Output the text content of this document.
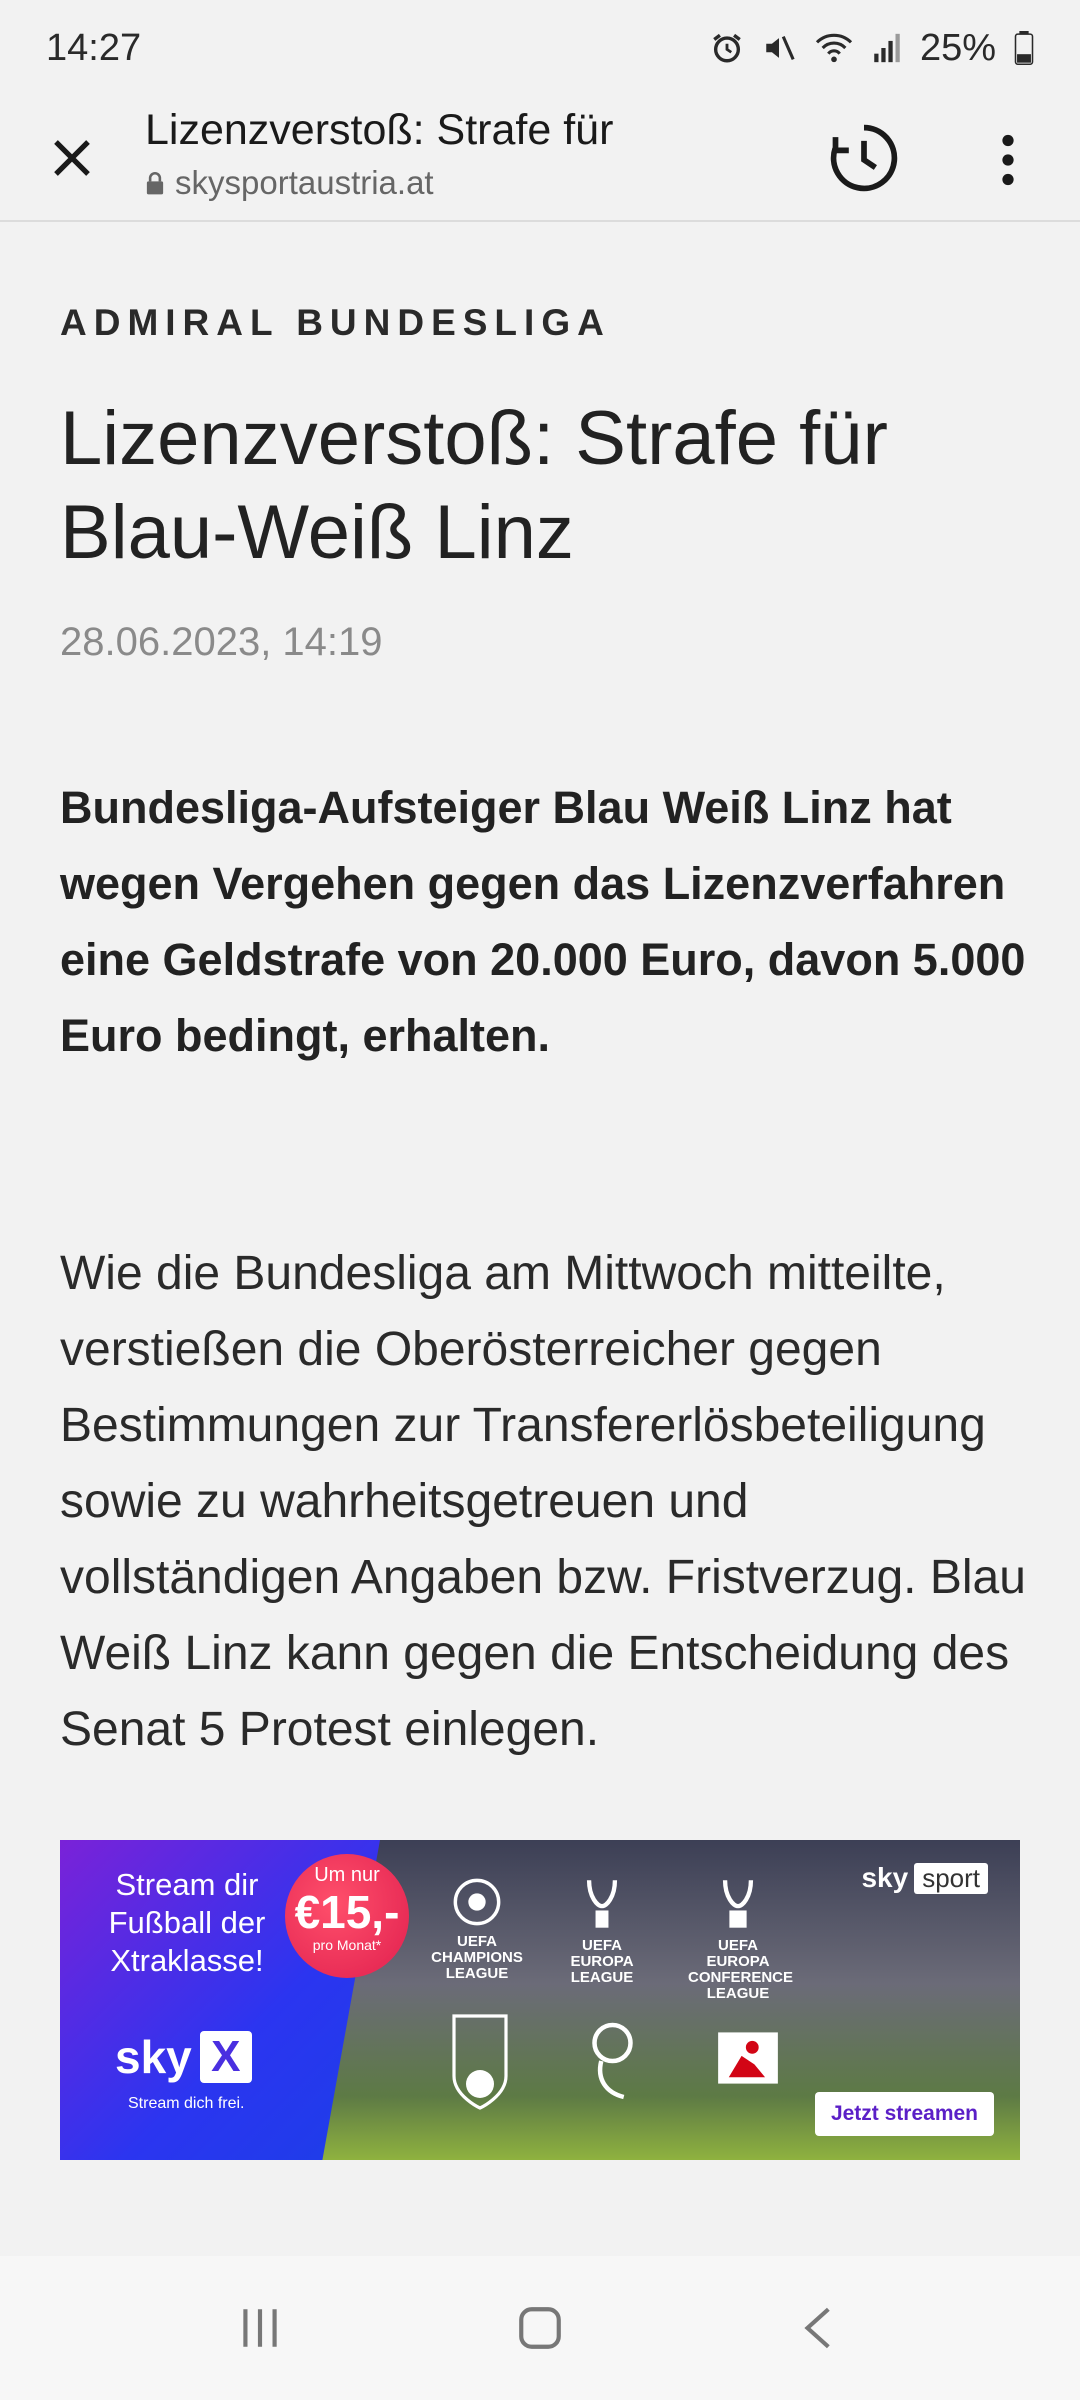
14:27	25%
Lizenzverstoß: Strafe für
skysportaustria.at
ADMIRAL BUNDESLIGA
Lizenzverstoß: Strafe für Blau-Weiß Linz
28.06.2023, 14:19

Bundesliga-Aufsteiger Blau Weiß Linz hat wegen Vergehen gegen das Lizenzverfahren eine Geldstrafe von 20.000 Euro, davon 5.000 Euro bedingt, erhalten.

Wie die Bundesliga am Mittwoch mitteilte, verstießen die Oberösterreicher gegen Bestimmungen zur Transfererlösbeteiligung sowie zu wahrheitsgetreuen und vollständigen Angaben bzw. Fristverzug. Blau Weiß Linz kann gegen die Entscheidung des Senat 5 Protest einlegen.

Stream dir Fußball der Xtraklasse!
sky X
Stream dich frei.
Um nur
€15,-
pro Monat*	UEFA CHAMPIONS LEAGUE
UEFA EUROPA LEAGUE
UEFA EUROPA CONFERENCE LEAGUE
sky sport
Jetzt streamen
